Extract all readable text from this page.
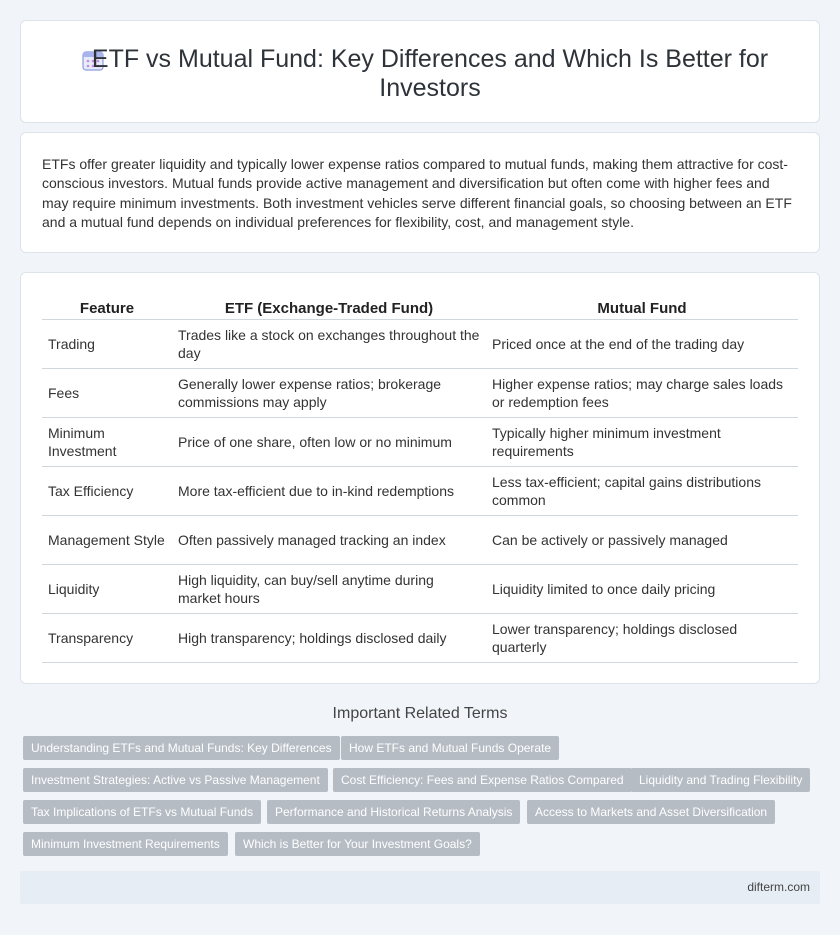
ETF vs Mutual Fund: Key Differences and Which Is Better for Investors

ETFs offer greater liquidity and typically lower expense ratios compared to mutual funds, making them attractive for cost-conscious investors. Mutual funds provide active management and diversification but often come with higher fees and may require minimum investments. Both investment vehicles serve different financial goals, so choosing between an ETF and a mutual fund depends on individual preferences for flexibility, cost, and management style.

Feature	ETF (Exchange-Traded Fund)	Mutual Fund
Trading	Trades like a stock on exchanges throughout the day	Priced once at the end of the trading day
Fees	Generally lower expense ratios; brokerage commissions may apply	Higher expense ratios; may charge sales loads or redemption fees
Minimum Investment	Price of one share, often low or no minimum	Typically higher minimum investment requirements
Tax Efficiency	More tax-efficient due to in-kind redemptions	Less tax-efficient; capital gains distributions common
Management Style	Often passively managed tracking an index	Can be actively or passively managed
Liquidity	High liquidity, can buy/sell anytime during market hours	Liquidity limited to once daily pricing
Transparency	High transparency; holdings disclosed daily	Lower transparency; holdings disclosed quarterly
Important Related Terms
Understanding ETFs and Mutual Funds: Key Differences	How ETFs and Mutual Funds Operate
Investment Strategies: Active vs Passive Management	Cost Efficiency: Fees and Expense Ratios Compared	Liquidity and Trading Flexibility
Tax Implications of ETFs vs Mutual Funds	Performance and Historical Returns Analysis	Access to Markets and Asset Diversification
Minimum Investment Requirements	Which is Better for Your Investment Goals?
difterm.com
